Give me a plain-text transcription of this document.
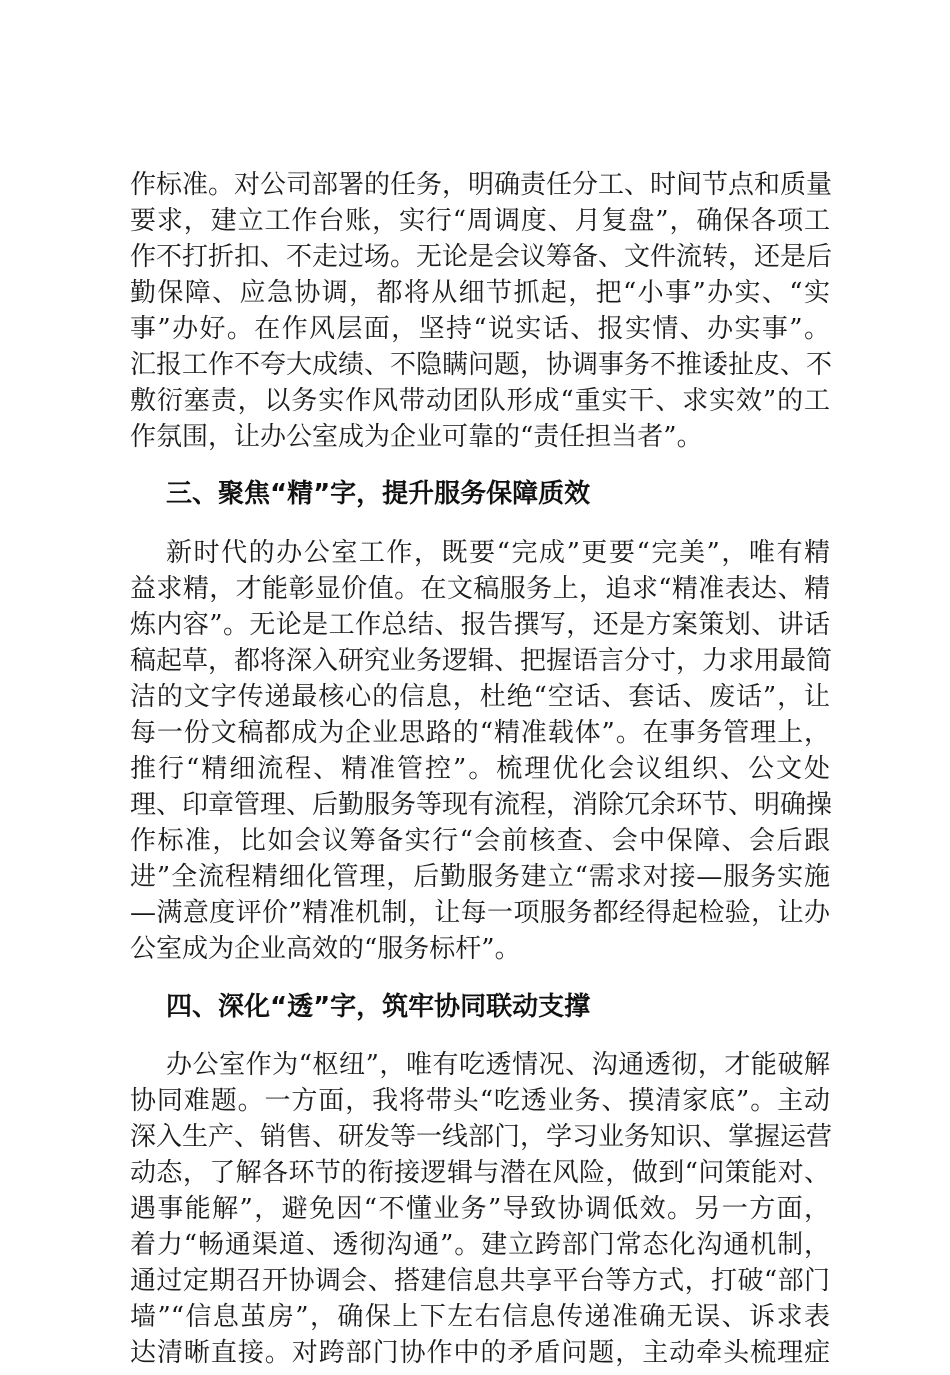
作标准。对公司部署的任务，明确责任分工、时间节点和质量
要求，建立工作台账，实行“周调度、月复盘”，确保各项工
作不打折扣、不走过场。无论是会议筹备、文件流转，还是后
勤保障、应急协调，都将从细节抓起，把“小事”办实、“实
事”办好。在作风层面，坚持“说实话、报实情、办实事”。
汇报工作不夸大成绩、不隐瞒问题，协调事务不推诿扯皮、不
敷衍塞责，以务实作风带动团队形成“重实干、求实效”的工
作氛围，让办公室成为企业可靠的“责任担当者”。
三、聚焦“精”字，提升服务保障质效
新时代的办公室工作，既要“完成”更要“完美”，唯有精
益求精，才能彰显价值。在文稿服务上，追求“精准表达、精
炼内容”。无论是工作总结、报告撰写，还是方案策划、讲话
稿起草，都将深入研究业务逻辑、把握语言分寸，力求用最简
洁的文字传递最核心的信息，杜绝“空话、套话、废话”，让
每一份文稿都成为企业思路的“精准载体”。在事务管理上，
推行“精细流程、精准管控”。梳理优化会议组织、公文处
理、印章管理、后勤服务等现有流程，消除冗余环节、明确操
作标准，比如会议筹备实行“会前核查、会中保障、会后跟
进”全流程精细化管理，后勤服务建立“需求对接—服务实施
—满意度评价”精准机制，让每一项服务都经得起检验，让办
公室成为企业高效的“服务标杆”。
四、深化“透”字，筑牢协同联动支撑
办公室作为“枢纽”，唯有吃透情况、沟通透彻，才能破解
协同难题。一方面，我将带头“吃透业务、摸清家底”。主动
深入生产、销售、研发等一线部门，学习业务知识、掌握运营
动态，了解各环节的衔接逻辑与潜在风险，做到“问策能对、
遇事能解”，避免因“不懂业务”导致协调低效。另一方面，
着力“畅通渠道、透彻沟通”。建立跨部门常态化沟通机制，
通过定期召开协调会、搭建信息共享平台等方式，打破“部门
墙”“信息茧房”，确保上下左右信息传递准确无误、诉求表
达清晰直接。对跨部门协作中的矛盾问题，主动牵头梳理症
